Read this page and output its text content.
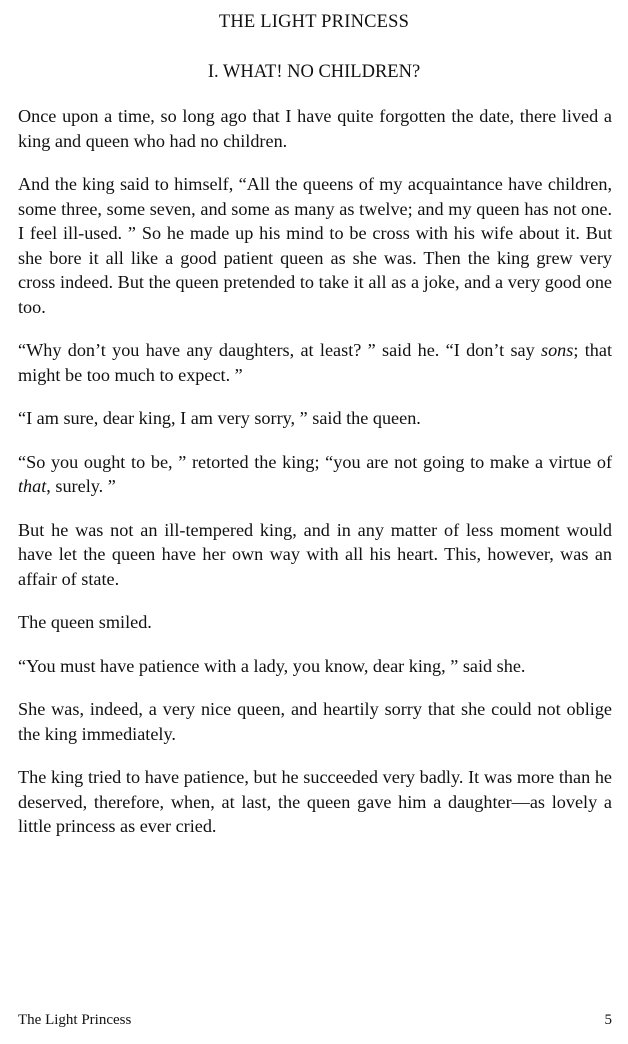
THE LIGHT PRINCESS
I. WHAT! NO CHILDREN?

Once upon a time, so long ago that I have quite forgotten the date, there lived a king and queen who had no children.

And the king said to himself, “All the queens of my acquaintance have children, some three, some seven, and some as many as twelve; and my queen has not one. I feel ill-used. ” So he made up his mind to be cross with his wife about it. But she bore it all like a good patient queen as she was. Then the king grew very cross indeed. But the queen pretended to take it all as a joke, and a very good one too.

“Why don’t you have any daughters, at least? ” said he. “I don’t say sons; that might be too much to expect. ”

“I am sure, dear king, I am very sorry, ” said the queen.

“So you ought to be, ” retorted the king; “you are not going to make a virtue of that, surely. ”

But he was not an ill-tempered king, and in any matter of less moment would have let the queen have her own way with all his heart. This, however, was an affair of state.

The queen smiled.

“You must have patience with a lady, you know, dear king, ” said she.

She was, indeed, a very nice queen, and heartily sorry that she could not oblige the king immediately.

The king tried to have patience, but he succeeded very badly. It was more than he deserved, therefore, when, at last, the queen gave him a daughter—as lovely a little princess as ever cried.

The Light Princess	5
